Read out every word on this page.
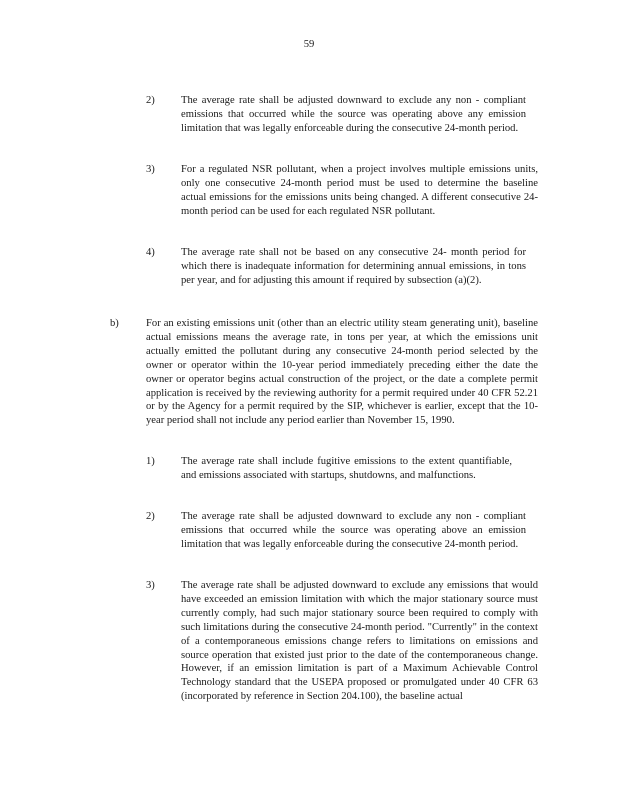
59
2) The average rate shall be adjusted downward to exclude any non - compliant emissions that occurred while the source was operating above any emission limitation that was legally enforceable during the consecutive 24-month period.
3) For a regulated NSR pollutant, when a project involves multiple emissions units, only one consecutive 24-month period must be used to determine the baseline actual emissions for the emissions units being changed. A different consecutive 24-month period can be used for each regulated NSR pollutant.
4) The average rate shall not be based on any consecutive 24- month period for which there is inadequate information for determining annual emissions, in tons per year, and for adjusting this amount if required by subsection (a)(2).
b)	For an existing emissions unit (other than an electric utility steam generating unit), baseline actual emissions means the average rate, in tons per year, at which the emissions unit actually emitted the pollutant during any consecutive 24-month period selected by the owner or operator within the 10-year period immediately preceding either the date the owner or operator begins actual construction of the project, or the date a complete permit application is received by the reviewing authority for a permit required under 40 CFR 52.21 or by the Agency for a permit required by the SIP, whichever is earlier, except that the 10- year period shall not include any period earlier than November 15, 1990.
1) The average rate shall include fugitive emissions to the extent quantifiable, and emissions associated with startups, shutdowns, and malfunctions.
2) The average rate shall be adjusted downward to exclude any non - compliant emissions that occurred while the source was operating above an emission limitation that was legally enforceable during the consecutive 24-month period.
3) The average rate shall be adjusted downward to exclude any emissions that would have exceeded an emission limitation with which the major stationary source must currently comply, had such major stationary source been required to comply with such limitations during the consecutive 24-month period. "Currently" in the context of a contemporaneous emissions change refers to limitations on emissions and source operation that existed just prior to the date of the contemporaneous change. However, if an emission limitation is part of a Maximum Achievable Control Technology standard that the USEPA proposed or promulgated under 40 CFR 63 (incorporated by reference in Section 204.100), the baseline actual
